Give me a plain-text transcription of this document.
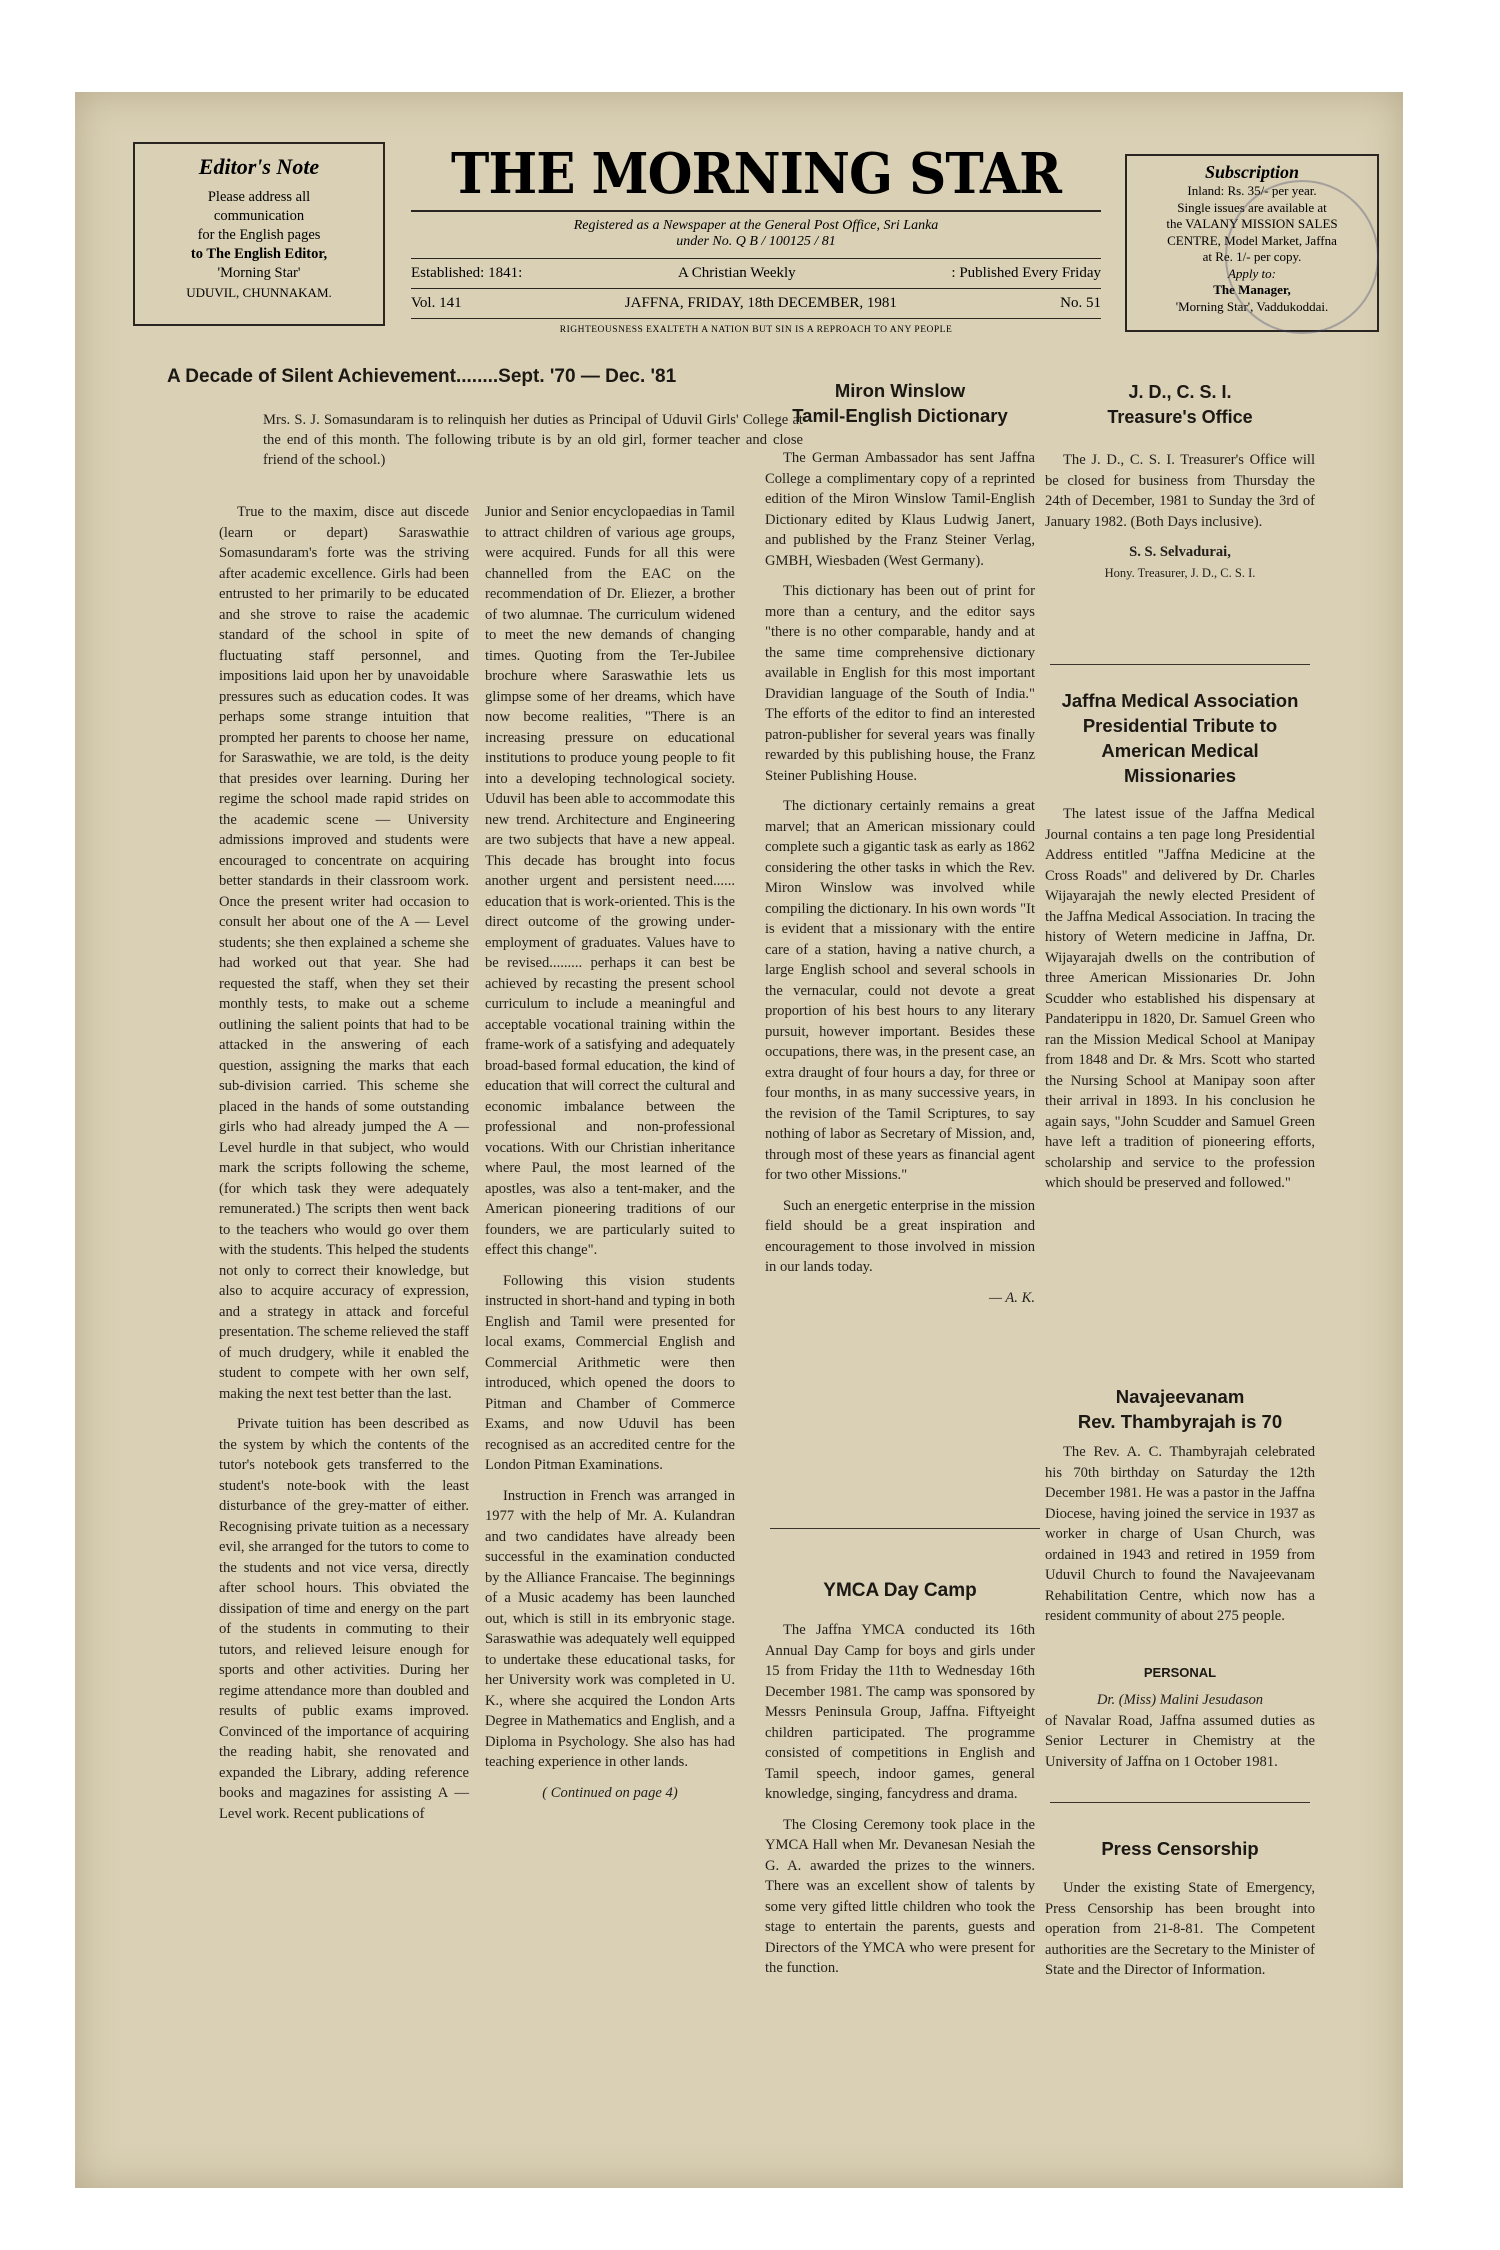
Editor's Note
Please address all
communication
for the English pages
to The English Editor,
'Morning Star'
UDUVIL, CHUNNAKAM.
THE MORNING STAR
Registered as a Newspaper at the General Post Office, Sri Lanka
under No. Q B / 100125 / 81
Established: 1841:	A Christian Weekly	: Published Every Friday
Vol. 141	JAFFNA, FRIDAY, 18th DECEMBER, 1981	No. 51
RIGHTEOUSNESS EXALTETH A NATION BUT SIN IS A REPROACH TO ANY PEOPLE
Subscription
Inland: Rs. 35/- per year.
Single issues are available at
the VALANY MISSION SALES
CENTRE, Model Market, Jaffna
at Re. 1/- per copy.
Apply to:
The Manager,
'Morning Star', Vaddukoddai.
A Decade of Silent Achievement........Sept. '70 — Dec. '81

Mrs. S. J. Somasundaram is to relinquish her duties as Principal of Uduvil Girls' College at the end of this month. The following tribute is by an old girl, former teacher and close friend of the school.)

True to the maxim, disce aut discede (learn or depart) Saraswathie Somasundaram's forte was the striving after academic excellence. Girls had been entrusted to her primarily to be educated and she strove to raise the academic standard of the school in spite of fluctuating staff personnel, and impositions laid upon her by unavoidable pressures such as education codes. It was perhaps some strange intuition that prompted her parents to choose her name, for Saraswathie, we are told, is the deity that presides over learning. During her regime the school made rapid strides on the academic scene — University admissions improved and students were encouraged to concentrate on acquiring better standards in their classroom work. Once the present writer had occasion to consult her about one of the A — Level students; she then explained a scheme she had worked out that year. She had requested the staff, when they set their monthly tests, to make out a scheme outlining the salient points that had to be attacked in the answering of each question, assigning the marks that each sub-division carried. This scheme she placed in the hands of some outstanding girls who had already jumped the A — Level hurdle in that subject, who would mark the scripts following the scheme, (for which task they were adequately remunerated.) The scripts then went back to the teachers who would go over them with the students. This helped the students not only to correct their knowledge, but also to acquire accuracy of expression, and a strategy in attack and forceful presentation. The scheme relieved the staff of much drudgery, while it enabled the student to compete with her own self, making the next test better than the last.

Private tuition has been described as the system by which the contents of the tutor's notebook gets transferred to the student's note-book with the least disturbance of the grey-matter of either. Recognising private tuition as a necessary evil, she arranged for the tutors to come to the students and not vice versa, directly after school hours. This obviated the dissipation of time and energy on the part of the students in commuting to their tutors, and relieved leisure enough for sports and other activities. During her regime attendance more than doubled and results of public exams improved. Convinced of the importance of acquiring the reading habit, she renovated and expanded the Library, adding reference books and magazines for assisting A — Level work. Recent publications of

Junior and Senior encyclopaedias in Tamil to attract children of various age groups, were acquired. Funds for all this were channelled from the EAC on the recommendation of Dr. Eliezer, a brother of two alumnae. The curriculum widened to meet the new demands of changing times. Quoting from the Ter-Jubilee brochure where Saraswathie lets us glimpse some of her dreams, which have now become realities, "There is an increasing pressure on educational institutions to produce young people to fit into a developing technological society. Uduvil has been able to accommodate this new trend. Architecture and Engineering are two subjects that have a new appeal. This decade has brought into focus another urgent and persistent need...... education that is work-oriented. This is the direct outcome of the growing under-employment of graduates. Values have to be revised......... perhaps it can best be achieved by recasting the present school curriculum to include a meaningful and acceptable vocational training within the frame-work of a satisfying and adequately broad-based formal education, the kind of education that will correct the cultural and economic imbalance between the professional and non-professional vocations. With our Christian inheritance where Paul, the most learned of the apostles, was also a tent-maker, and the American pioneering traditions of our founders, we are particularly suited to effect this change".

Following this vision students instructed in short-hand and typing in both English and Tamil were presented for local exams, Commercial English and Commercial Arithmetic were then introduced, which opened the doors to Pitman and Chamber of Commerce Exams, and now Uduvil has been recognised as an accredited centre for the London Pitman Examinations.

Instruction in French was arranged in 1977 with the help of Mr. A. Kulandran and two candidates have already been successful in the examination conducted by the Alliance Francaise. The beginnings of a Music academy has been launched out, which is still in its embryonic stage. Saraswathie was adequately well equipped to undertake these educational tasks, for her University work was completed in U. K., where she acquired the London Arts Degree in Mathematics and English, and a Diploma in Psychology. She also has had teaching experience in other lands.

( Continued on page 4)
Miron Winslow
Tamil-English Dictionary

The German Ambassador has sent Jaffna College a complimentary copy of a reprinted edition of the Miron Winslow Tamil-English Dictionary edited by Klaus Ludwig Janert, and published by the Franz Steiner Verlag, GMBH, Wiesbaden (West Germany).

This dictionary has been out of print for more than a century, and the editor says "there is no other comparable, handy and at the same time comprehensive dictionary available in English for this most important Dravidian language of the South of India." The efforts of the editor to find an interested patron-publisher for several years was finally rewarded by this publishing house, the Franz Steiner Publishing House.

The dictionary certainly remains a great marvel; that an American missionary could complete such a gigantic task as early as 1862 considering the other tasks in which the Rev. Miron Winslow was involved while compiling the dictionary. In his own words "It is evident that a missionary with the entire care of a station, having a native church, a large English school and several schools in the vernacular, could not devote a great proportion of his best hours to any literary pursuit, however important. Besides these occupations, there was, in the present case, an extra draught of four hours a day, for three or four months, in as many successive years, in the revision of the Tamil Scriptures, to say nothing of labor as Secretary of Mission, and, through most of these years as financial agent for two other Missions."

Such an energetic enterprise in the mission field should be a great inspiration and encouragement to those involved in mission in our lands today.

— A. K.
YMCA Day Camp

The Jaffna YMCA conducted its 16th Annual Day Camp for boys and girls under 15 from Friday the 11th to Wednesday 16th December 1981. The camp was sponsored by Messrs Peninsula Group, Jaffna. Fiftyeight children participated. The programme consisted of competitions in English and Tamil speech, indoor games, general knowledge, singing, fancydress and drama.

The Closing Ceremony took place in the YMCA Hall when Mr. Devanesan Nesiah the G. A. awarded the prizes to the winners. There was an excellent show of talents by some very gifted little children who took the stage to entertain the parents, guests and Directors of the YMCA who were present for the function.

J. D., C. S. I.
Treasure's Office

The J. D., C. S. I. Treasurer's Office will be closed for business from Thursday the 24th of December, 1981 to Sunday the 3rd of January 1982. (Both Days inclusive).

S. S. Selvadurai,
Hony. Treasurer, J. D., C. S. I.
Jaffna Medical Association
Presidential Tribute to
American Medical
Missionaries

The latest issue of the Jaffna Medical Journal contains a ten page long Presidential Address entitled "Jaffna Medicine at the Cross Roads" and delivered by Dr. Charles Wijayarajah the newly elected President of the Jaffna Medical Association. In tracing the history of Wetern medicine in Jaffna, Dr. Wijayarajah dwells on the contribution of three American Missionaries Dr. John Scudder who established his dispensary at Pandaterippu in 1820, Dr. Samuel Green who ran the Mission Medical School at Manipay from 1848 and Dr. & Mrs. Scott who started the Nursing School at Manipay soon after their arrival in 1893. In his conclusion he again says, "John Scudder and Samuel Green have left a tradition of pioneering efforts, scholarship and service to the profession which should be preserved and followed."

Navajeevanam
Rev. Thambyrajah is 70

The Rev. A. C. Thambyrajah celebrated his 70th birthday on Saturday the 12th December 1981. He was a pastor in the Jaffna Diocese, having joined the service in 1937 as worker in charge of Usan Church, was ordained in 1943 and retired in 1959 from Uduvil Church to found the Navajeevanam Rehabilitation Centre, which now has a resident community of about 275 people.

PERSONAL
Dr. (Miss) Malini Jesudason

of Navalar Road, Jaffna assumed duties as Senior Lecturer in Chemistry at the University of Jaffna on 1 October 1981.

Press Censorship

Under the existing State of Emergency, Press Censorship has been brought into operation from 21-8-81. The Competent authorities are the Secretary to the Minister of State and the Director of Information.
